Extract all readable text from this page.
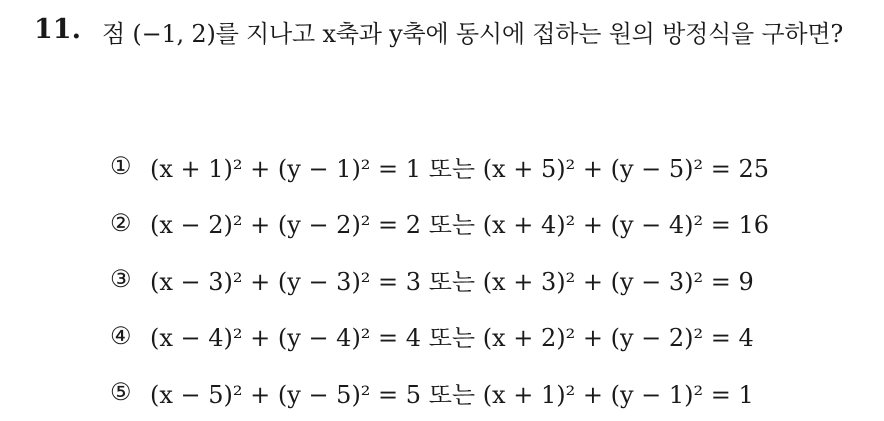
11. 점 (−1, 2)를 지나고 x축과 y축에 동시에 접하는 원의 방정식을 구하면?
① (x + 1)² + (y − 1)² = 1 또는 (x + 5)² + (y − 5)² = 25
② (x − 2)² + (y − 2)² = 2 또는 (x + 4)² + (y − 4)² = 16
③ (x − 3)² + (y − 3)² = 3 또는 (x + 3)² + (y − 3)² = 9
④ (x − 4)² + (y − 4)² = 4 또는 (x + 2)² + (y − 2)² = 4
⑤ (x − 5)² + (y − 5)² = 5 또는 (x + 1)² + (y − 1)² = 1
